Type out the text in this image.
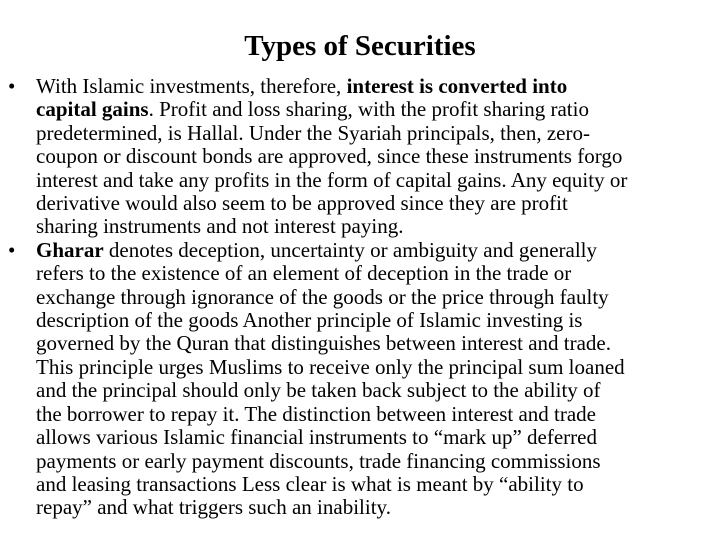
Types of Securities
• With Islamic investments, therefore, interest is converted into
capital gains. Profit and loss sharing, with the profit sharing ratio
predetermined, is Hallal. Under the Syariah principals, then, zero-
coupon or discount bonds are approved, since these instruments forgo
interest and take any profits in the form of capital gains. Any equity or
derivative would also seem to be approved since they are profit
sharing instruments and not interest paying.
• Gharar denotes deception, uncertainty or ambiguity and generally
refers to the existence of an element of deception in the trade or
exchange through ignorance of the goods or the price through faulty
description of the goods Another principle of Islamic investing is
governed by the Quran that distinguishes between interest and trade.
This principle urges Muslims to receive only the principal sum loaned
and the principal should only be taken back subject to the ability of
the borrower to repay it. The distinction between interest and trade
allows various Islamic financial instruments to “mark up” deferred
payments or early payment discounts, trade financing commissions
and leasing transactions Less clear is what is meant by “ability to
repay” and what triggers such an inability.
